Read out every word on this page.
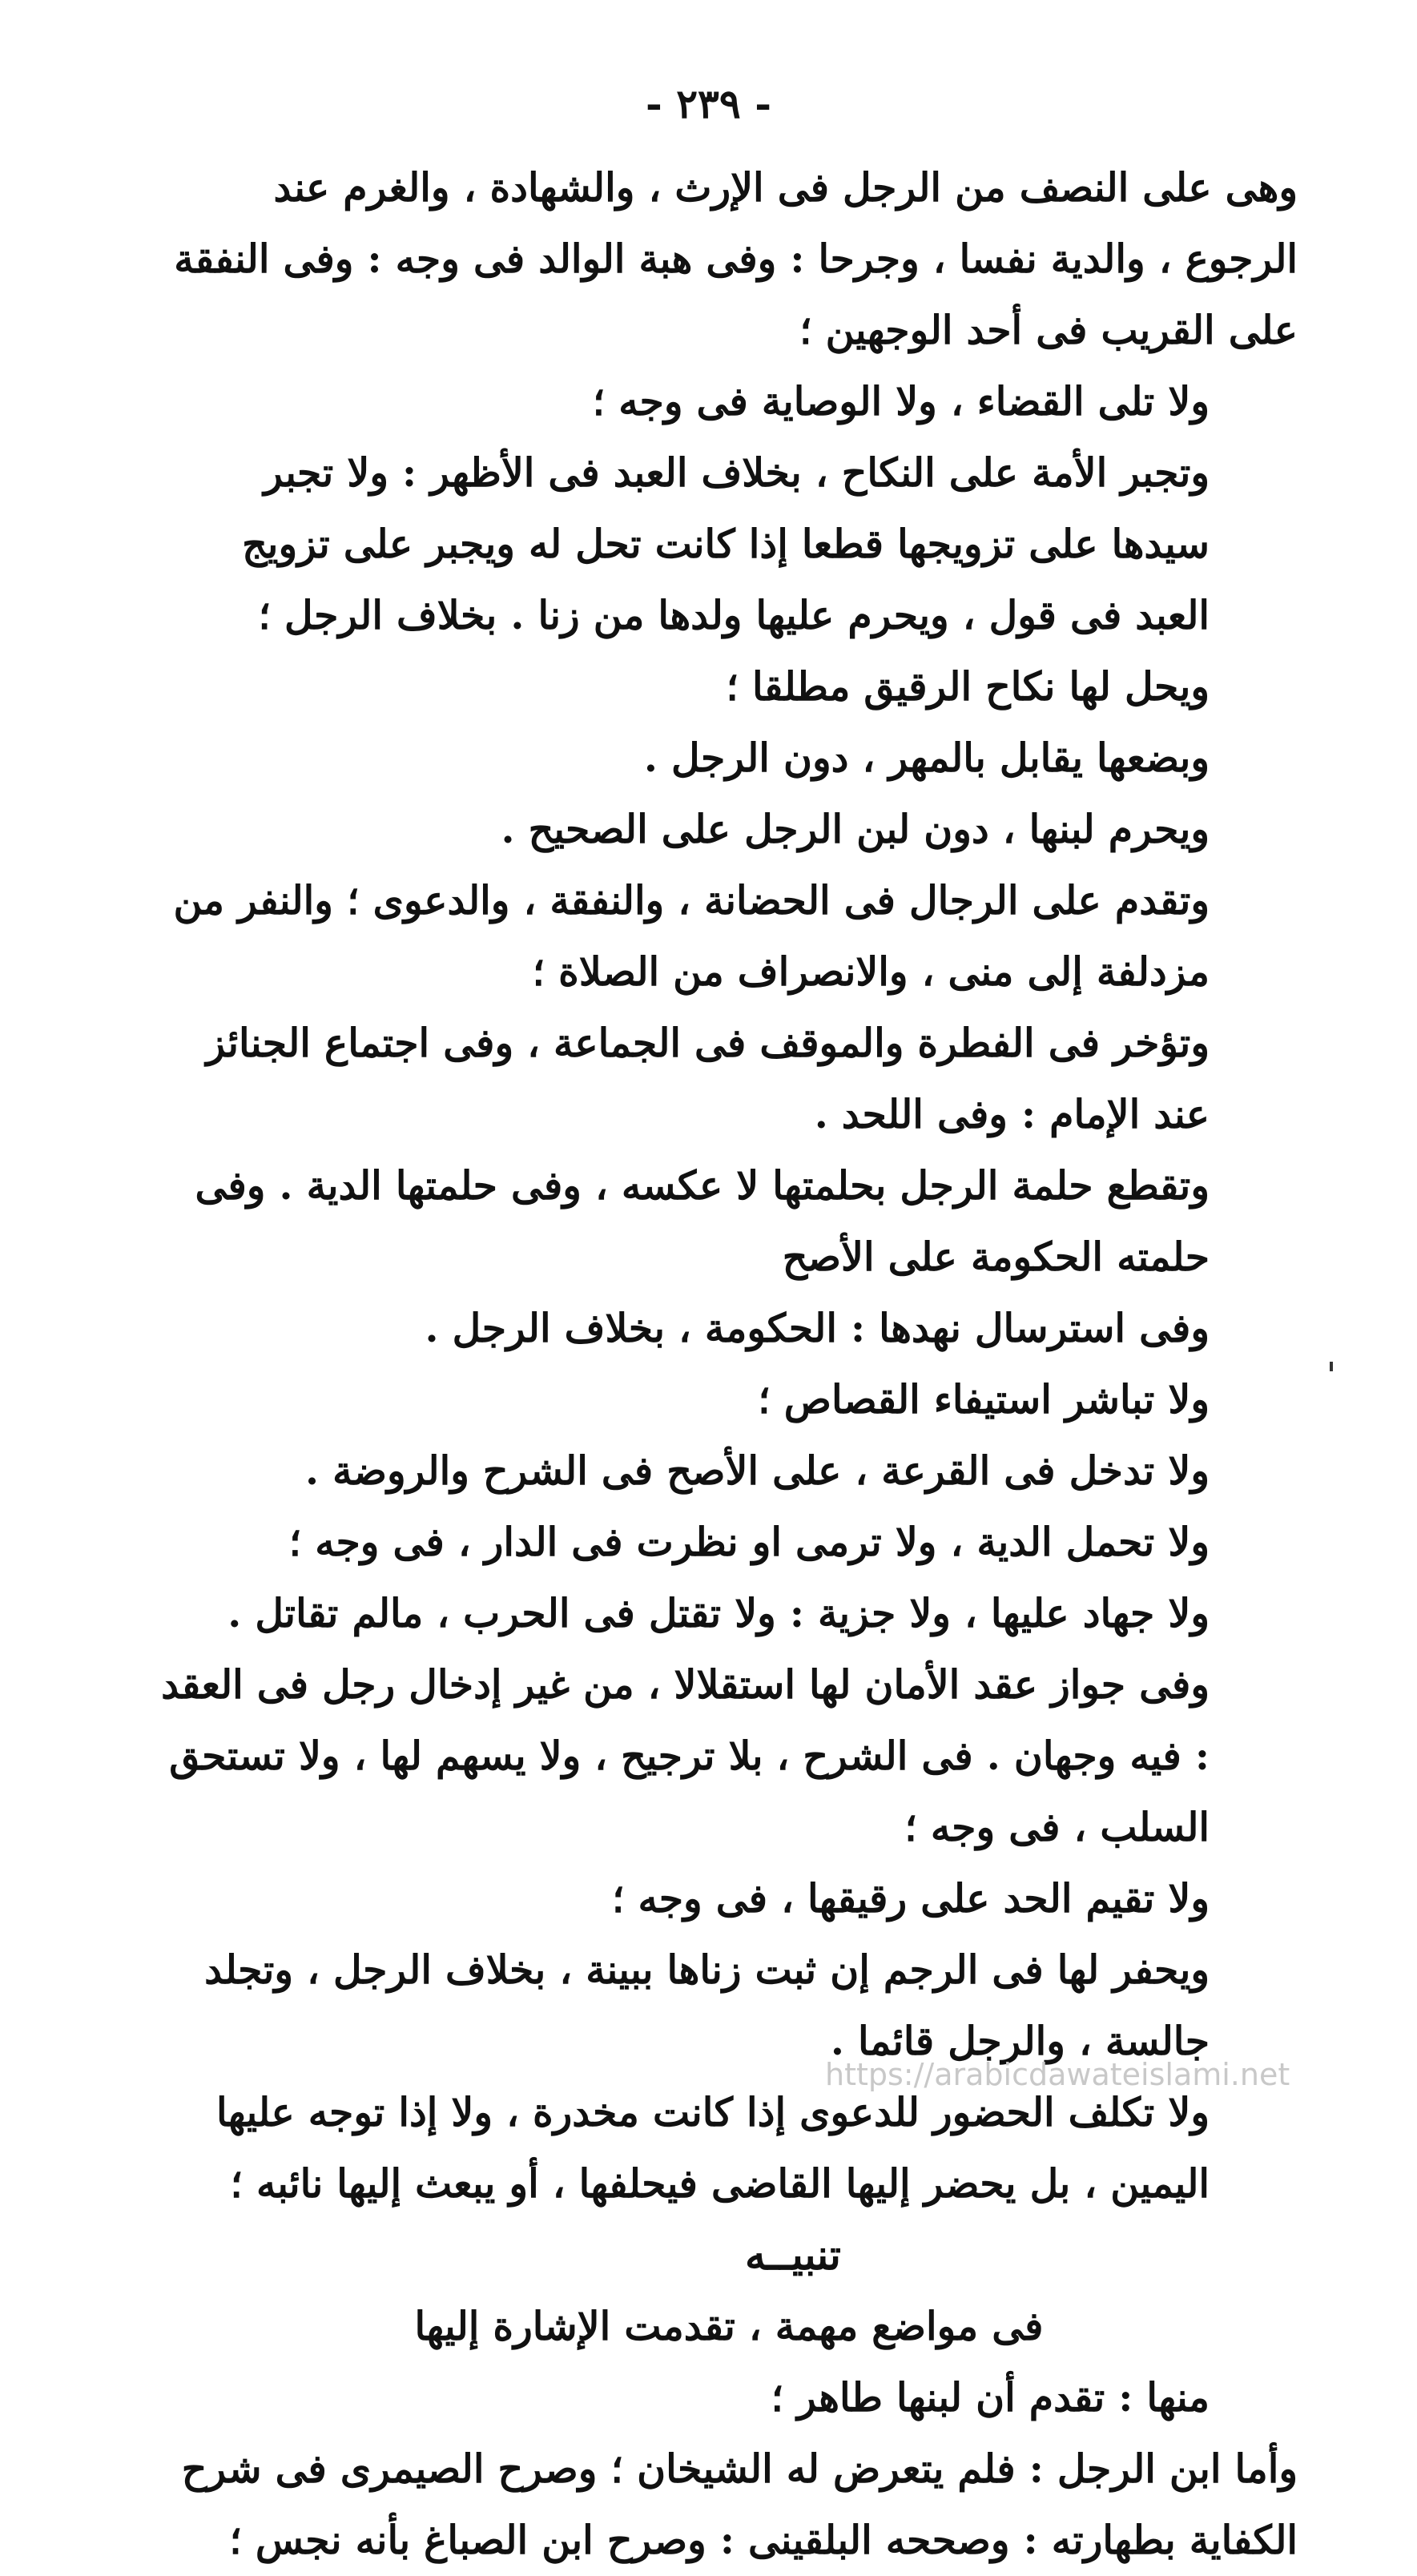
- ٢٣٩ -

وهى على النصف من الرجل فى الإرث ، والشهادة ، والغرم عند الرجوع ، والدية نفسا ، وجرحا : وفى هبة الوالد فى وجه : وفى النفقة على القريب فى أحد الوجهين ؛

ولا تلى القضاء ، ولا الوصاية فى وجه ؛

وتجبر الأمة على النكاح ، بخلاف العبد فى الأظهر : ولا تجبر سيدها على تزويجها قطعا إذا كانت تحل له ويجبر على تزويج العبد فى قول ، ويحرم عليها ولدها من زنا . بخلاف الرجل ؛

ويحل لها نكاح الرقيق مطلقا ؛

وبضعها يقابل بالمهر ، دون الرجل .

ويحرم لبنها ، دون لبن الرجل على الصحيح .

وتقدم على الرجال فى الحضانة ، والنفقة ، والدعوى ؛ والنفر من مزدلفة إلى منى ، والانصراف من الصلاة ؛

وتؤخر فى الفطرة والموقف فى الجماعة ، وفى اجتماع الجنائز عند الإمام : وفى اللحد .

وتقطع حلمة الرجل بحلمتها لا عكسه ، وفى حلمتها الدية . وفى حلمته الحكومة على الأصح

وفى استرسال نهدها : الحكومة ، بخلاف الرجل .

ولا تباشر استيفاء القصاص ؛

ولا تدخل فى القرعة ، على الأصح فى الشرح والروضة .

ولا تحمل الدية ، ولا ترمى او نظرت فى الدار ، فى وجه ؛

ولا جهاد عليها ، ولا جزية : ولا تقتل فى الحرب ، مالم تقاتل .

وفى جواز عقد الأمان لها استقلالا ، من غير إدخال رجل فى العقد : فيه وجهان . فى الشرح ، بلا ترجيح ، ولا يسهم لها ، ولا تستحق السلب ، فى وجه ؛

ولا تقيم الحد على رقيقها ، فى وجه ؛

ويحفر لها فى الرجم إن ثبت زناها ببينة ، بخلاف الرجل ، وتجلد جالسة ، والرجل قائما .

ولا تكلف الحضور للدعوى إذا كانت مخدرة ، ولا إذا توجه عليها اليمين ، بل يحضر إليها القاضى فيحلفها ، أو يبعث إليها نائبه ؛

تنبيــه

فى مواضع مهمة ، تقدمت الإشارة إليها

منها : تقدم أن لبنها طاهر ؛

وأما ابن الرجل : فلم يتعرض له الشيخان ؛ وصرح الصيمرى فى شرح الكفاية بطهارته : وصححه البلقينى : وصرح ابن الصباغ بأنه نجس ؛

https://arabicdawateislami.net
